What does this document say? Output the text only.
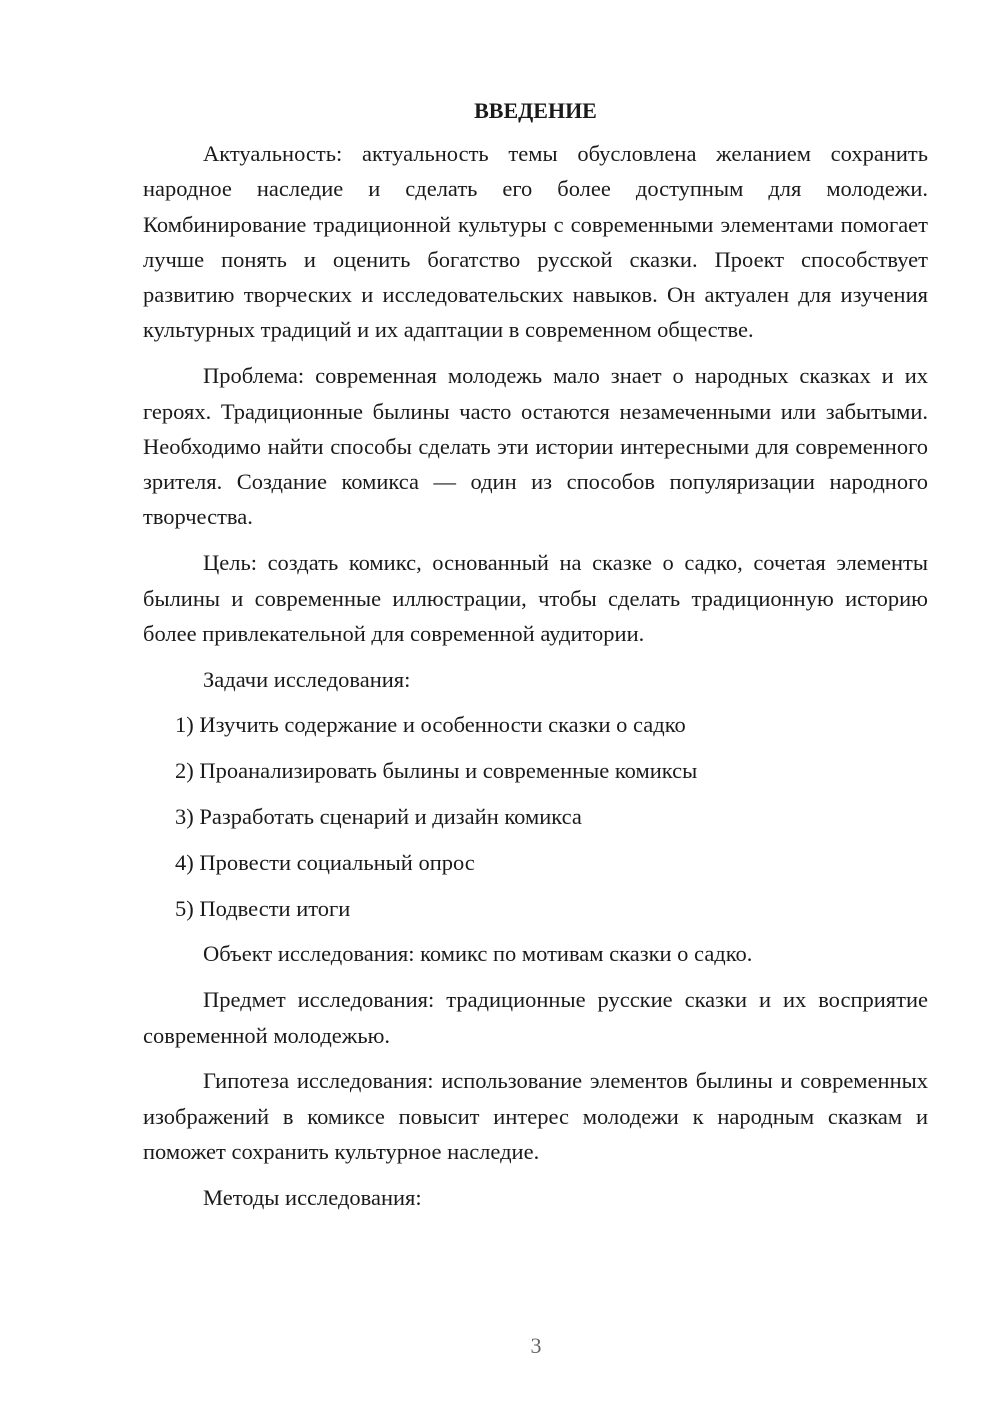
ВВЕДЕНИЕ

Актуальность: актуальность темы обусловлена желанием сохранить народное наследие и сделать его более доступным для молодежи. Комбинирование традиционной культуры с современными элементами помогает лучше понять и оценить богатство русской сказки. Проект способствует развитию творческих и исследовательских навыков. Он актуален для изучения культурных традиций и их адаптации в современном обществе.

Проблема: современная молодежь мало знает о народных сказках и их героях. Традиционные былины часто остаются незамеченными или забытыми. Необходимо найти способы сделать эти истории интересными для современного зрителя. Создание комикса — один из способов популяризации народного творчества.

Цель: создать комикс, основанный на сказке о садко, сочетая элементы былины и современные иллюстрации, чтобы сделать традиционную историю более привлекательной для современной аудитории.

Задачи исследования:

1) Изучить содержание и особенности сказки о садко

2) Проанализировать былины и современные комиксы

3) Разработать сценарий и дизайн комикса

4) Провести социальный опрос

5) Подвести итоги

Объект исследования: комикс по мотивам сказки о садко.

Предмет исследования: традиционные русские сказки и их восприятие современной молодежью.

Гипотеза исследования: использование элементов былины и современных изображений в комиксе повысит интерес молодежи к народным сказкам и поможет сохранить культурное наследие.

Методы исследования:

3
